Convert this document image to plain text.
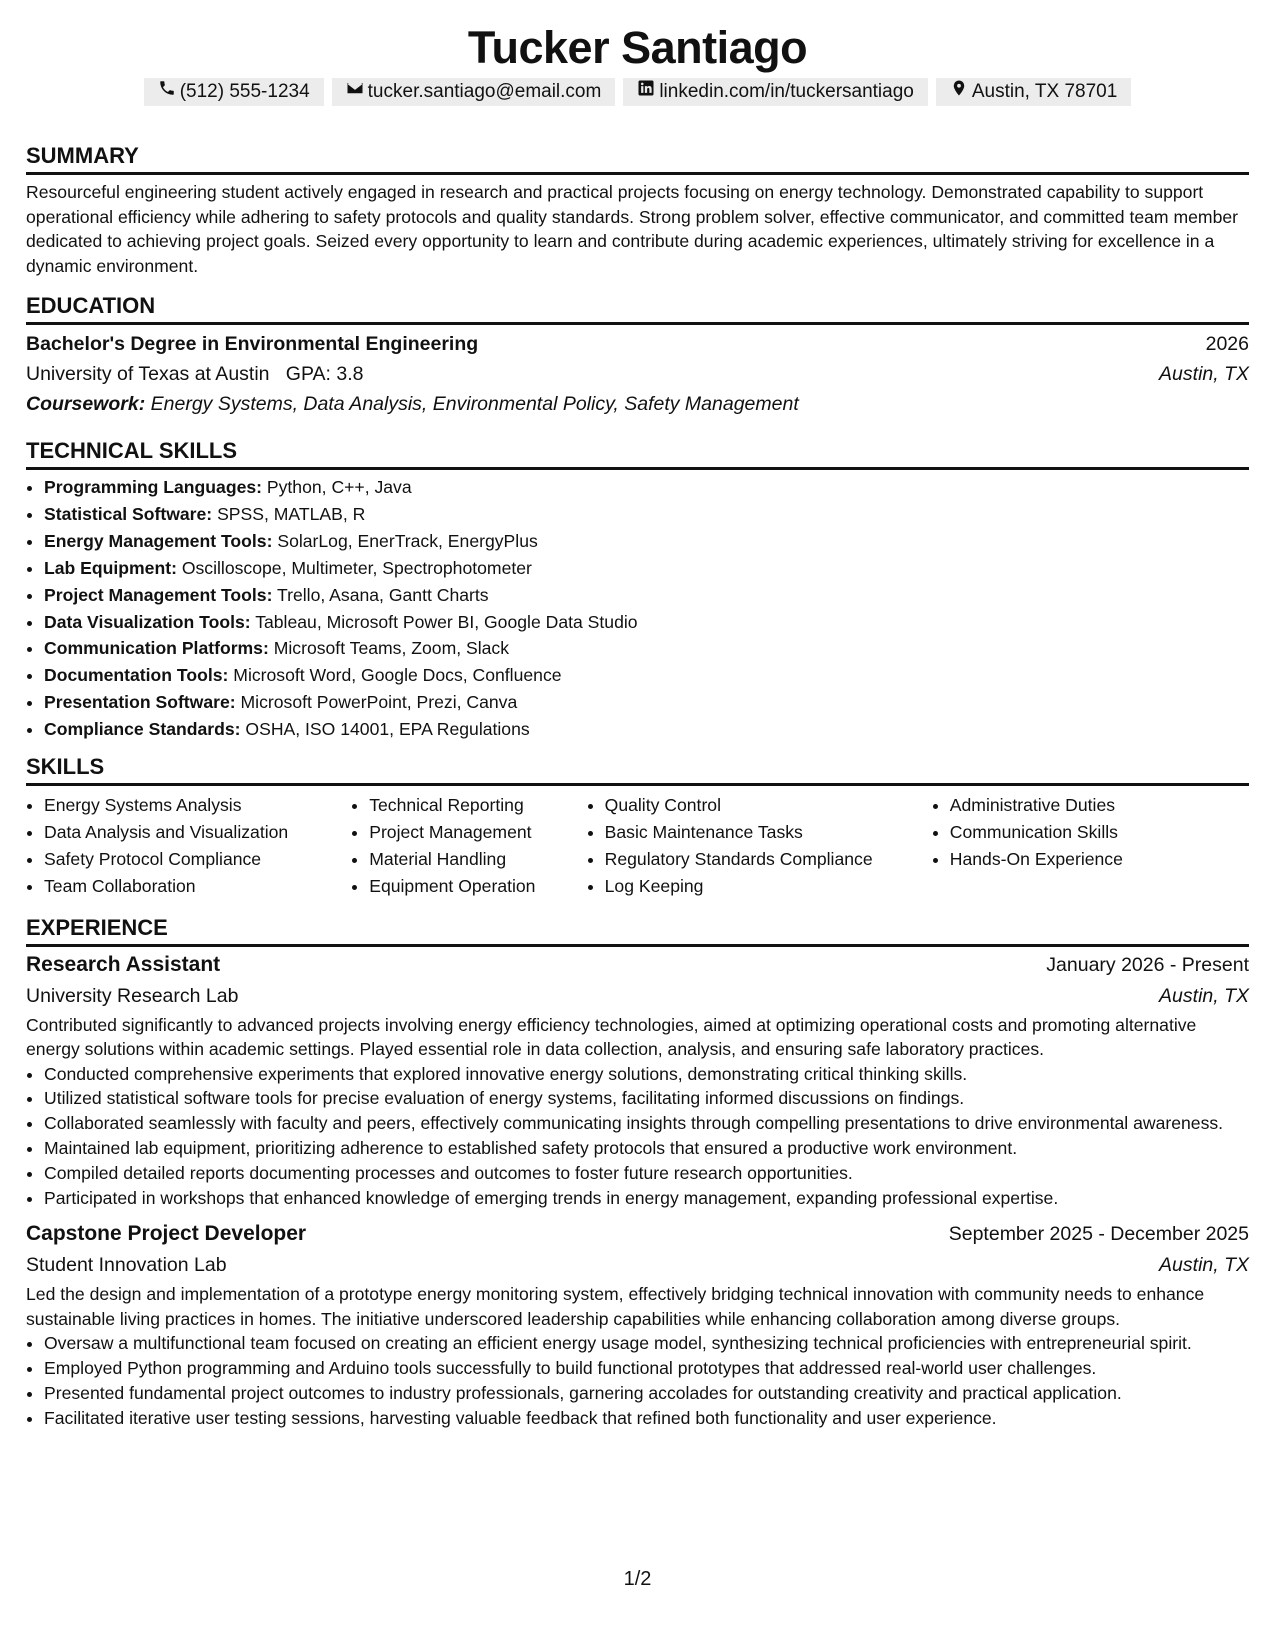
Tucker Santiago
(512) 555-1234	tucker.santiago@email.com	linkedin.com/in/tuckersantiago	Austin, TX 78701
SUMMARY
Resourceful engineering student actively engaged in research and practical projects focusing on energy technology. Demonstrated capability to support operational efficiency while adhering to safety protocols and quality standards. Strong problem solver, effective communicator, and committed team member dedicated to achieving project goals. Seized every opportunity to learn and contribute during academic experiences, ultimately striving for excellence in a dynamic environment.
EDUCATION
Bachelor's Degree in Environmental Engineering	2026
University of Texas at Austin GPA: 3.8	Austin, TX
Coursework: Energy Systems, Data Analysis, Environmental Policy, Safety Management
TECHNICAL SKILLS
• Programming Languages: Python, C++, Java
• Statistical Software: SPSS, MATLAB, R
• Energy Management Tools: SolarLog, EnerTrack, EnergyPlus
• Lab Equipment: Oscilloscope, Multimeter, Spectrophotometer
• Project Management Tools: Trello, Asana, Gantt Charts
• Data Visualization Tools: Tableau, Microsoft Power BI, Google Data Studio
• Communication Platforms: Microsoft Teams, Zoom, Slack
• Documentation Tools: Microsoft Word, Google Docs, Confluence
• Presentation Software: Microsoft PowerPoint, Prezi, Canva
• Compliance Standards: OSHA, ISO 14001, EPA Regulations
SKILLS
• Energy Systems Analysis
• Data Analysis and Visualization
• Safety Protocol Compliance
• Team Collaboration
• Technical Reporting
• Project Management
• Material Handling
• Equipment Operation
• Quality Control
• Basic Maintenance Tasks
• Regulatory Standards Compliance
• Log Keeping
• Administrative Duties
• Communication Skills
• Hands-On Experience
EXPERIENCE
Research Assistant	January 2026 - Present
University Research Lab	Austin, TX
Contributed significantly to advanced projects involving energy efficiency technologies, aimed at optimizing operational costs and promoting alternative energy solutions within academic settings. Played essential role in data collection, analysis, and ensuring safe laboratory practices.
• Conducted comprehensive experiments that explored innovative energy solutions, demonstrating critical thinking skills.
• Utilized statistical software tools for precise evaluation of energy systems, facilitating informed discussions on findings.
• Collaborated seamlessly with faculty and peers, effectively communicating insights through compelling presentations to drive environmental awareness.
• Maintained lab equipment, prioritizing adherence to established safety protocols that ensured a productive work environment.
• Compiled detailed reports documenting processes and outcomes to foster future research opportunities.
• Participated in workshops that enhanced knowledge of emerging trends in energy management, expanding professional expertise.
Capstone Project Developer	September 2025 - December 2025
Student Innovation Lab	Austin, TX
Led the design and implementation of a prototype energy monitoring system, effectively bridging technical innovation with community needs to enhance sustainable living practices in homes. The initiative underscored leadership capabilities while enhancing collaboration among diverse groups.
• Oversaw a multifunctional team focused on creating an efficient energy usage model, synthesizing technical proficiencies with entrepreneurial spirit.
• Employed Python programming and Arduino tools successfully to build functional prototypes that addressed real-world user challenges.
• Presented fundamental project outcomes to industry professionals, garnering accolades for outstanding creativity and practical application.
• Facilitated iterative user testing sessions, harvesting valuable feedback that refined both functionality and user experience.
1/2
